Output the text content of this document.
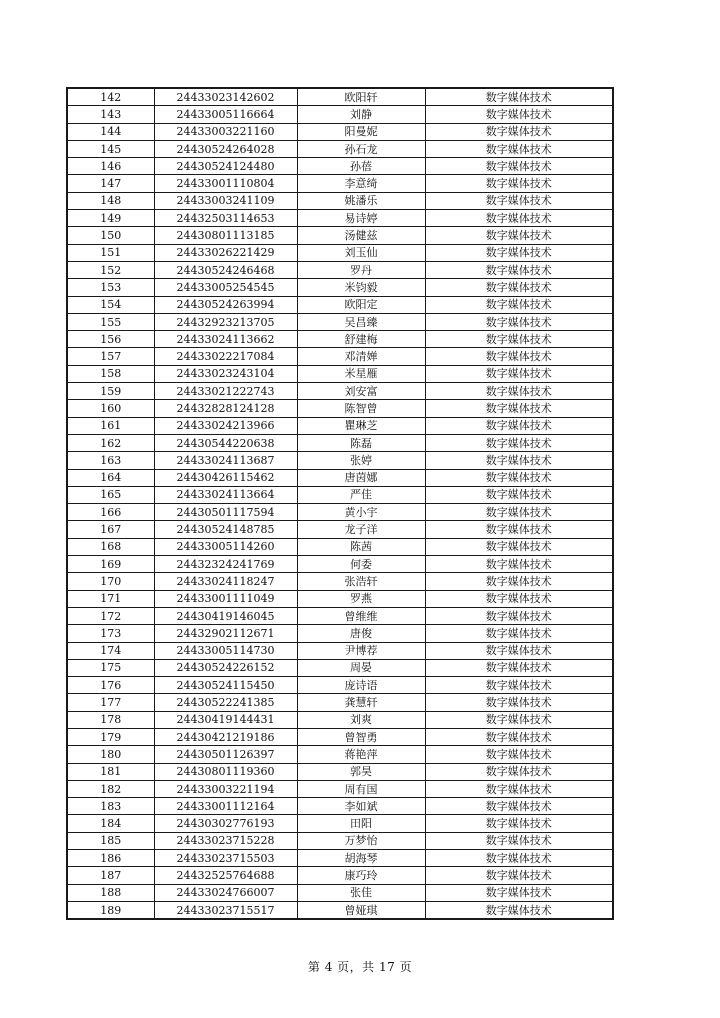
142	24433023142602	欧阳轩	数字媒体技术
143	24433005116664	刘静	数字媒体技术
144	24433003221160	阳曼妮	数字媒体技术
145	24430524264028	孙石龙	数字媒体技术
146	24430524124480	孙蓓	数字媒体技术
147	24433001110804	李意绮	数字媒体技术
148	24433003241109	姚潘乐	数字媒体技术
149	24432503114653	易诗婷	数字媒体技术
150	24430801113185	汤健兹	数字媒体技术
151	24433026221429	刘玉仙	数字媒体技术
152	24430524246468	罗丹	数字媒体技术
153	24433005254545	米钧毅	数字媒体技术
154	24430524263994	欧阳定	数字媒体技术
155	24432923213705	吴昌臻	数字媒体技术
156	24433024113662	舒建梅	数字媒体技术
157	24433022217084	邓清婵	数字媒体技术
158	24433023243104	米星雁	数字媒体技术
159	24433021222743	刘安富	数字媒体技术
160	24432828124128	陈智曾	数字媒体技术
161	24433024213966	瞿琳芝	数字媒体技术
162	24430544220638	陈磊	数字媒体技术
163	24433024113687	张婷	数字媒体技术
164	24430426115462	唐茵娜	数字媒体技术
165	24433024113664	严佳	数字媒体技术
166	24430501117594	黄小宇	数字媒体技术
167	24430524148785	龙子洋	数字媒体技术
168	24433005114260	陈茜	数字媒体技术
169	24432324241769	何委	数字媒体技术
170	24433024118247	张浩轩	数字媒体技术
171	24433001111049	罗燕	数字媒体技术
172	24430419146045	曾维维	数字媒体技术
173	24432902112671	唐俊	数字媒体技术
174	24433005114730	尹博荐	数字媒体技术
175	24430524226152	周晏	数字媒体技术
176	24430524115450	庞诗语	数字媒体技术
177	24430522241385	龚慧轩	数字媒体技术
178	24430419144431	刘爽	数字媒体技术
179	24430421219186	曾智勇	数字媒体技术
180	24430501126397	蒋艳萍	数字媒体技术
181	24430801119360	郭昊	数字媒体技术
182	24433003221194	周有国	数字媒体技术
183	24433001112164	李如斌	数字媒体技术
184	24430302776193	田阳	数字媒体技术
185	24433023715228	万梦怡	数字媒体技术
186	24433023715503	胡海琴	数字媒体技术
187	24432525764688	康巧玲	数字媒体技术
188	24433024766007	张佳	数字媒体技术
189	24433023715517	曾娅琪	数字媒体技术
第 4 页，共 17 页
